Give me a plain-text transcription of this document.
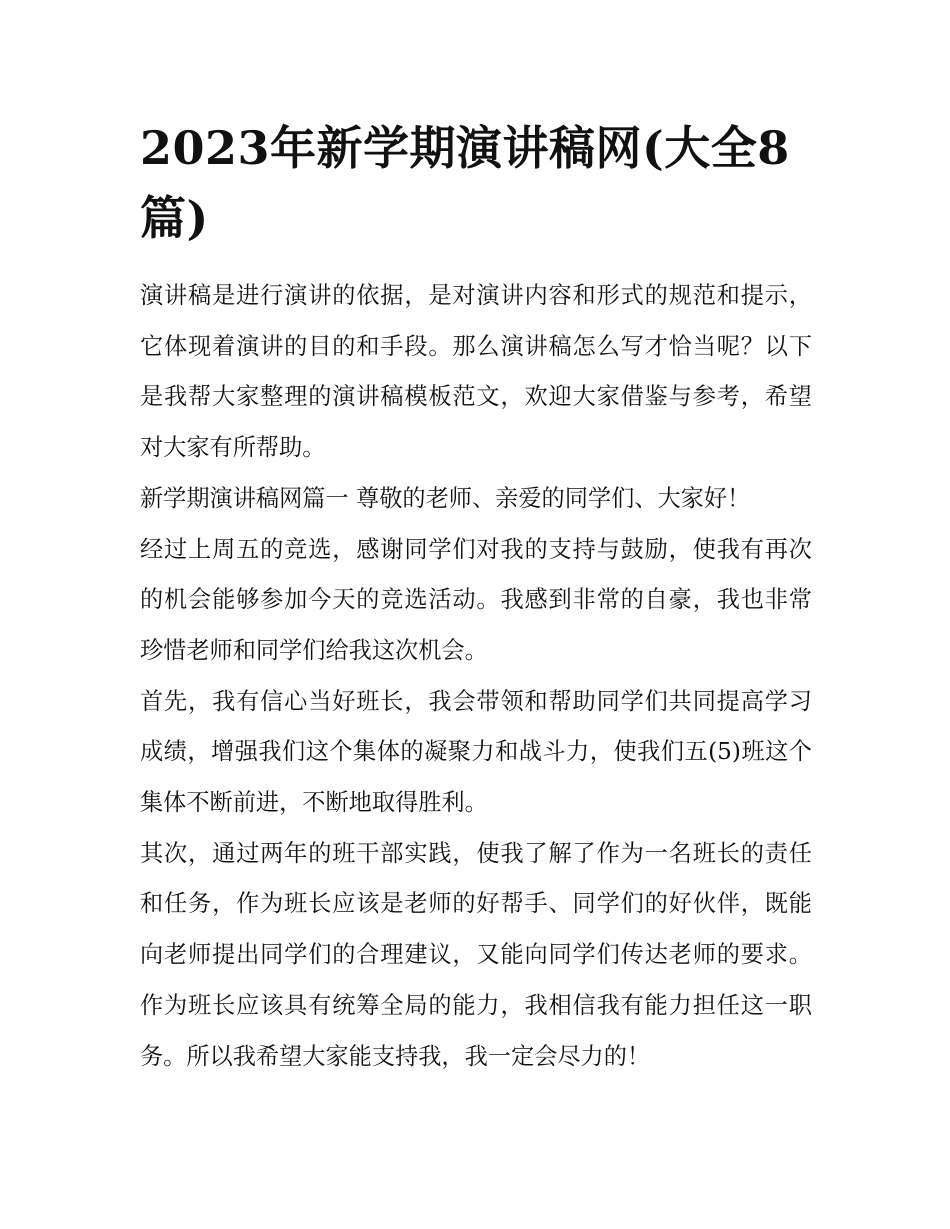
2023年新学期演讲稿网(大全8篇)

演讲稿是进行演讲的依据，是对演讲内容和形式的规范和提示，它体现着演讲的目的和手段。那么演讲稿怎么写才恰当呢？以下是我帮大家整理的演讲稿模板范文，欢迎大家借鉴与参考，希望对大家有所帮助。

新学期演讲稿网篇一 尊敬的老师、亲爱的同学们、大家好！

经过上周五的竞选，感谢同学们对我的支持与鼓励，使我有再次的机会能够参加今天的竞选活动。我感到非常的自豪，我也非常珍惜老师和同学们给我这次机会。

首先，我有信心当好班长，我会带领和帮助同学们共同提高学习成绩，增强我们这个集体的凝聚力和战斗力，使我们五(5)班这个集体不断前进，不断地取得胜利。

其次，通过两年的班干部实践，使我了解了作为一名班长的责任和任务，作为班长应该是老师的好帮手、同学们的好伙伴，既能向老师提出同学们的合理建议，又能向同学们传达老师的要求。作为班长应该具有统筹全局的能力，我相信我有能力担任这一职务。所以我希望大家能支持我，我一定会尽力的！
